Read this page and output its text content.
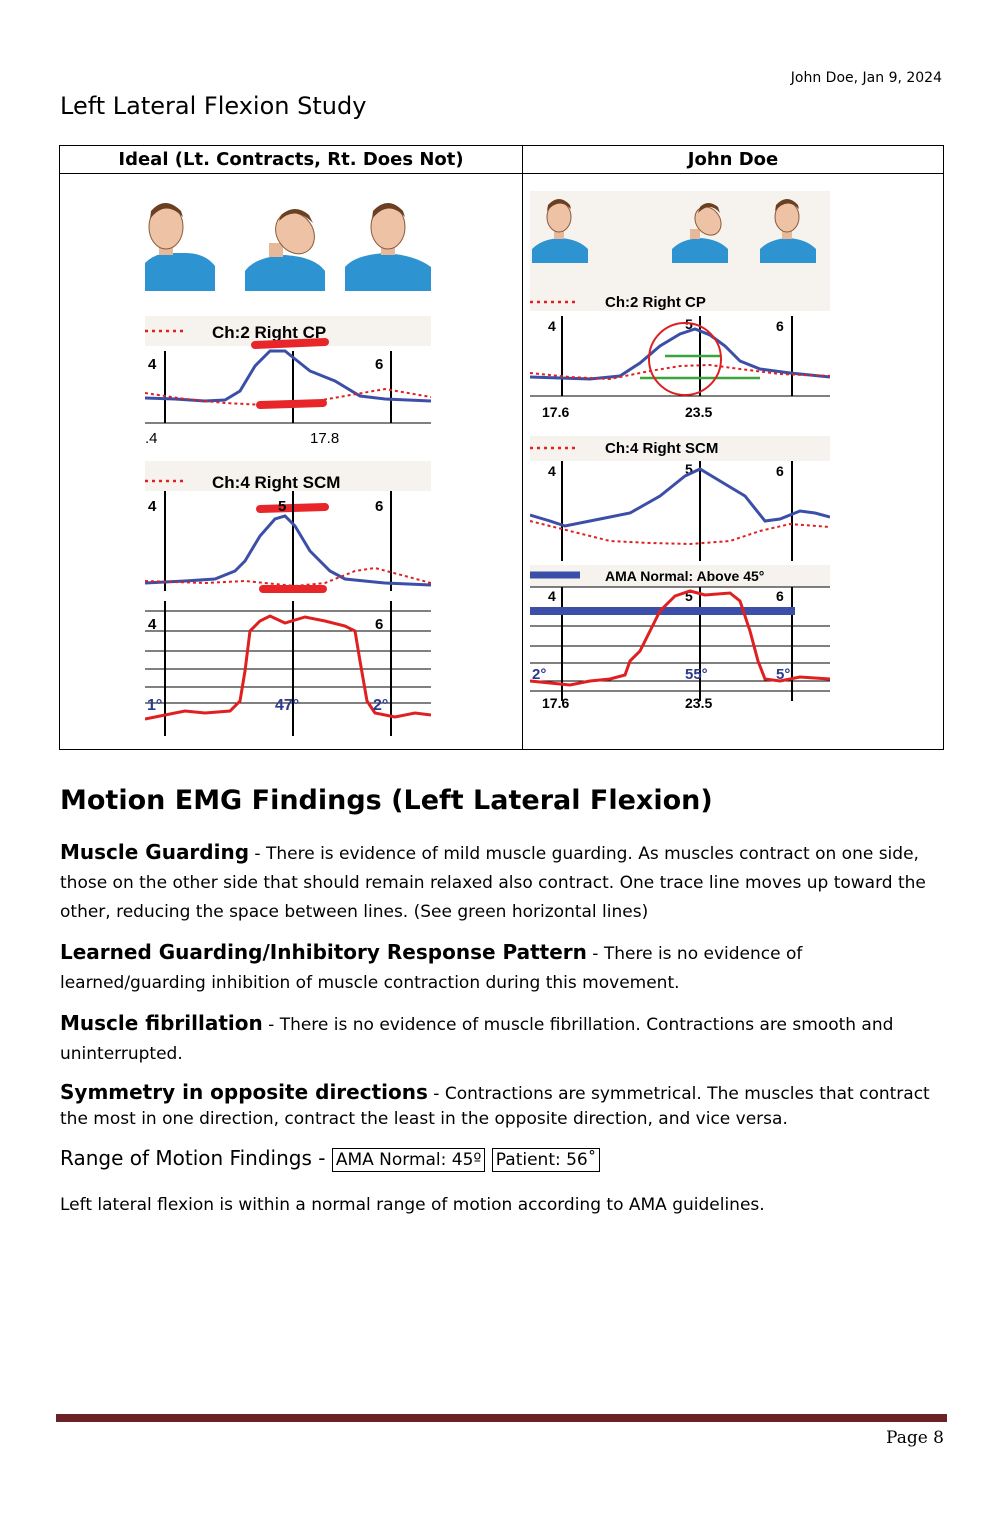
John Doe, Jan 9, 2024
Left Lateral Flexion Study
Ideal (Lt. Contracts, Rt. Does Not)	John Doe
Ch:2 Right CP
4	6
.4	17.8
Ch:4 Right SCM
4	5	6
4	6
1°	47°	2°
Ch:2 Right CP
4	5	6
17.6	23.5
Ch:4 Right SCM
4	5	6
AMA Normal: Above 45°
4	5	6
2°	55°	5°
17.6	23.5
Motion EMG Findings (Left Lateral Flexion)
Muscle Guarding - There is evidence of mild muscle guarding. As muscles contract on one side, those on the other side that should remain relaxed also contract. One trace line moves up toward the other, reducing the space between lines. (See green horizontal lines)
Learned Guarding/Inhibitory Response Pattern - There is no evidence of learned/guarding inhibition of muscle contraction during this movement.
Muscle fibrillation - There is no evidence of muscle fibrillation. Contractions are smooth and uninterrupted.
Symmetry in opposite directions - Contractions are symmetrical. The muscles that contract the most in one direction, contract the least in the opposite direction, and vice versa.
Range of Motion Findings - AMA Normal: 45º Patient: 56˚
Left lateral flexion is within a normal range of motion according to AMA guidelines.
Page 8
